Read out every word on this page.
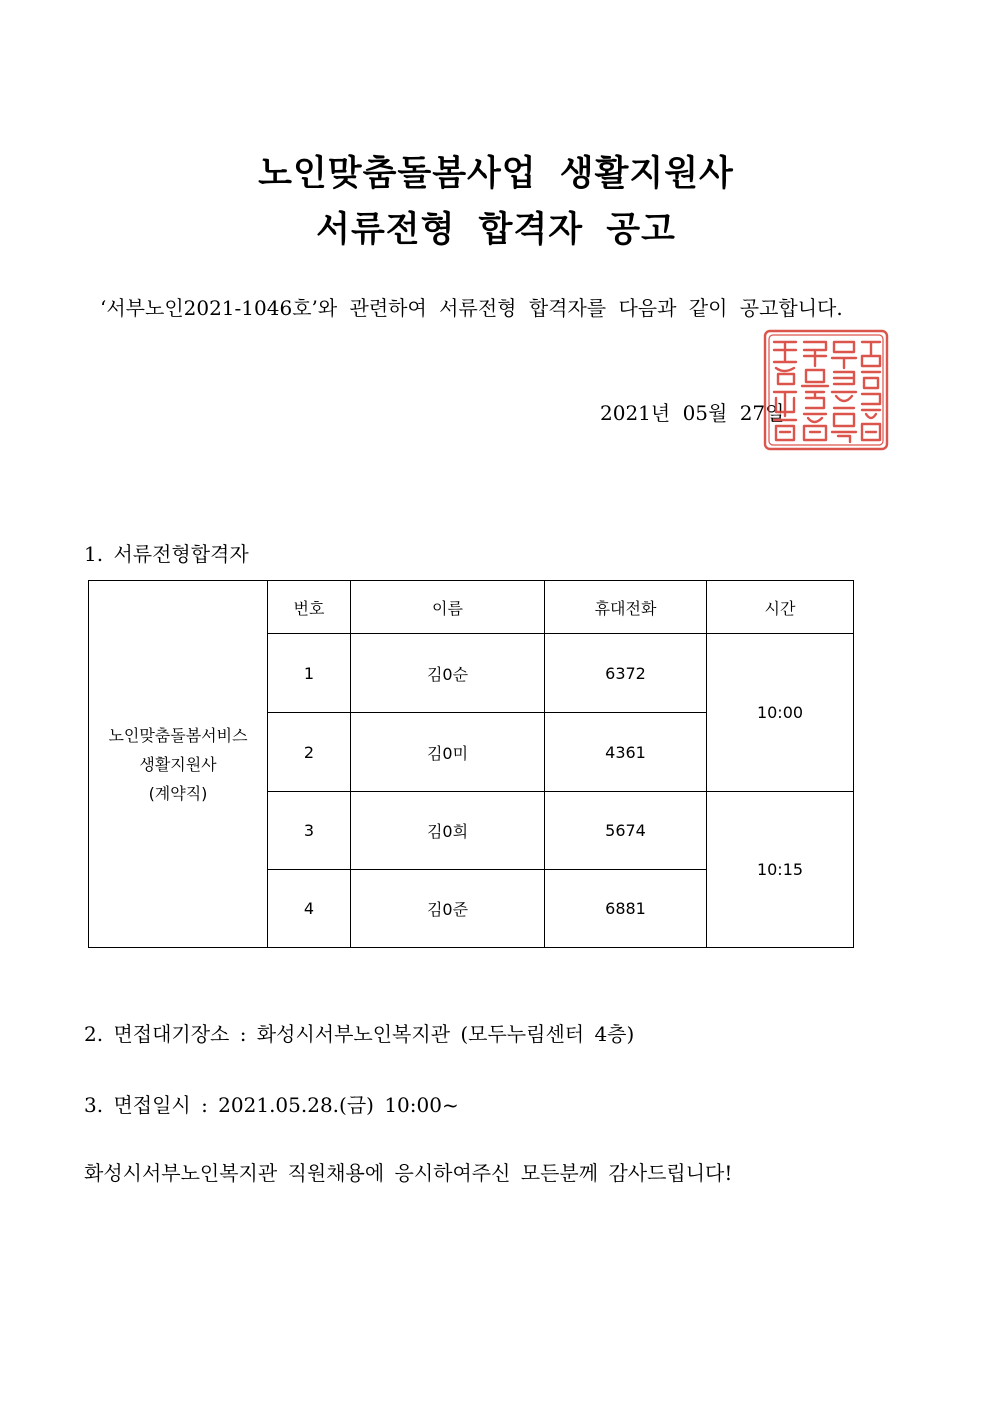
노인맞춤돌봄사업 생활지원사
서류전형 합격자 공고
‘서부노인2021-1046호’와 관련하여 서류전형 합격자를 다음과 같이 공고합니다.
2021년 05월 27일
1. 서류전형합격자
노인맞춤돌봄서비스
생활지원사
(계약직)	번호	이름	휴대전화	시간
	1	김0순	6372	10:00
	2	김0미	4361	
	3	김0희	5674	10:15
	4	김0준	6881	
2. 면접대기장소 : 화성시서부노인복지관 (모두누림센터 4층)
3. 면접일시 : 2021.05.28.(금) 10:00~
화성시서부노인복지관 직원채용에 응시하여주신 모든분께 감사드립니다!
